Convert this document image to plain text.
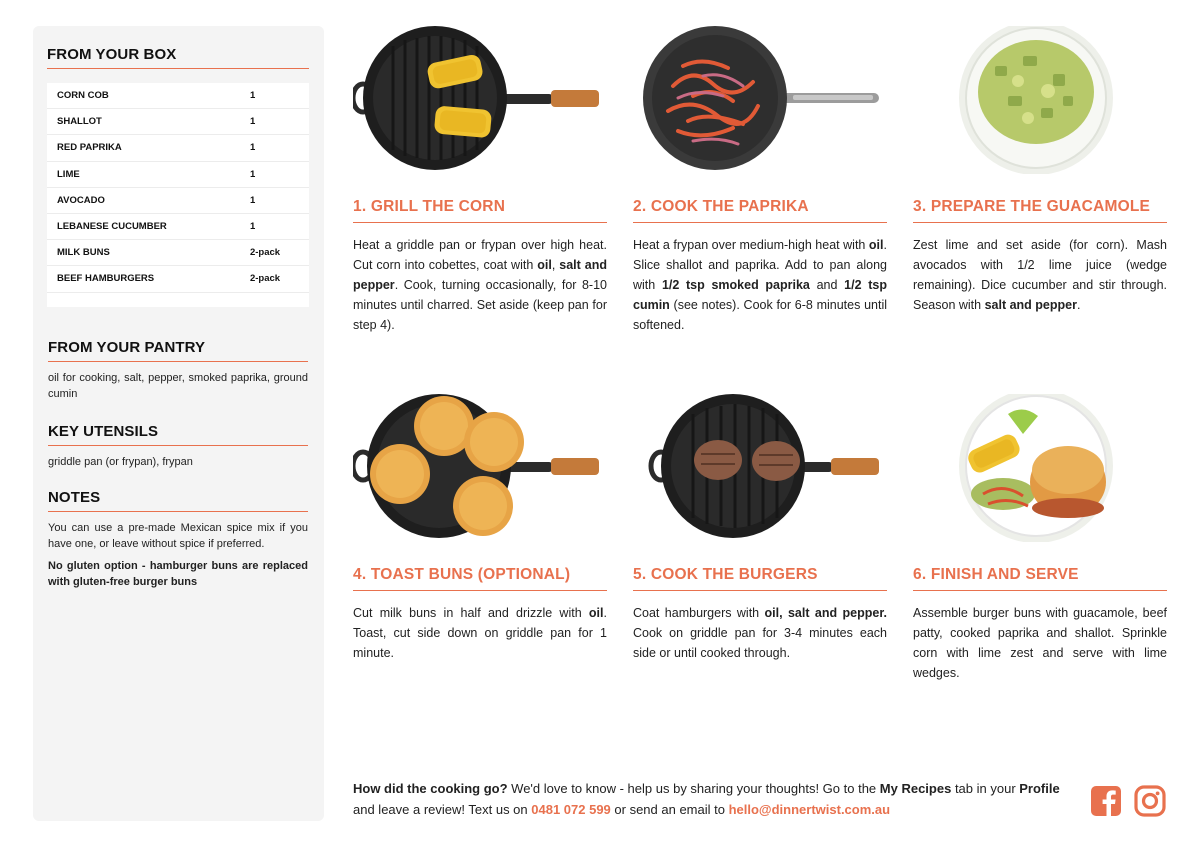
FROM YOUR BOX
CORN COB	1
SHALLOT	1
RED PAPRIKA	1
LIME	1
AVOCADO	1
LEBANESE CUCUMBER	1
MILK BUNS	2-pack
BEEF HAMBURGERS	2-pack
FROM YOUR PANTRY
oil for cooking, salt, pepper, smoked paprika, ground cumin
KEY UTENSILS
griddle pan (or frypan), frypan
NOTES
You can use a pre-made Mexican spice mix if you have one, or leave without spice if preferred.
No gluten option - hamburger buns are replaced with gluten-free burger buns
1. GRILL THE CORN
Heat a griddle pan or frypan over high heat. Cut corn into cobettes, coat with oil, salt and pepper. Cook, turning occasionally, for 8-10 minutes until charred. Set aside (keep pan for step 4).
2. COOK THE PAPRIKA
Heat a frypan over medium-high heat with oil. Slice shallot and paprika. Add to pan along with 1/2 tsp smoked paprika and 1/2 tsp cumin (see notes). Cook for 6-8 minutes until softened.
3. PREPARE THE GUACAMOLE
Zest lime and set aside (for corn). Mash avocados with 1/2 lime juice (wedge remaining). Dice cucumber and stir through. Season with salt and pepper.
4. TOAST BUNS (OPTIONAL)
Cut milk buns in half and drizzle with oil. Toast, cut side down on griddle pan for 1 minute.
5. COOK THE BURGERS
Coat hamburgers with oil, salt and pepper. Cook on griddle pan for 3-4 minutes each side or until cooked through.
6. FINISH AND SERVE
Assemble burger buns with guacamole, beef patty, cooked paprika and shallot. Sprinkle corn with lime zest and serve with lime wedges.
How did the cooking go? We'd love to know - help us by sharing your thoughts! Go to the My Recipes tab in your Profile and leave a review! Text us on 0481 072 599 or send an email to hello@dinnertwist.com.au
